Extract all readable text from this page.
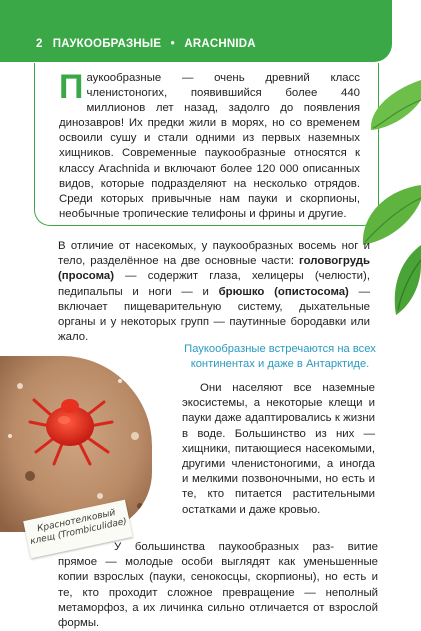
2 ПАУКООБРАЗНЫЕ • ARACHNIDA

Паукообразные — очень древний класс членистоногих, появившийся более 440 миллионов лет назад, задолго до появления динозавров! Их предки жили в морях, но со временем освоили сушу и стали одними из первых наземных хищников. Современные паукообразные относятся к классу Arachnida и включают более 120 000 описанных видов, которые подразделяют на несколько отрядов. Среди которых привычные нам пауки и скорпионы, необычные тропические телифоны и фрины и другие.

В отличие от насекомых, у паукообразных восемь ног и тело, разделённое на две основные части: головогрудь (просома) — содержит глаза, хелицеры (челюсти), педипальпы и ноги — и брюшко (опистосома) — включает пищеварительную систему, дыхательные органы и у некоторых групп — паутинные бородавки или жало.

Паукообразные встречаются на всех континентах и даже в Антарктиде.

Краснотелковый клещ (Trombiculidae)

Они населяют все наземные экосистемы, а некоторые клещи и пауки даже адаптировались к жизни в воде. Большинство из них — хищники, питающиеся насекомыми, другими членистоногими, а иногда и мелкими позвоночными, но есть и те, кто питается растительными остатками и даже кровью.

У большинства паукообразных раз- витие прямое — молодые особи выглядят как уменьшенные копии взрослых (пауки, сенокосцы, скорпионы), но есть и те, кто проходит сложное превращение — неполный метаморфоз, а их личинка сильно отличается от взрослой формы.
